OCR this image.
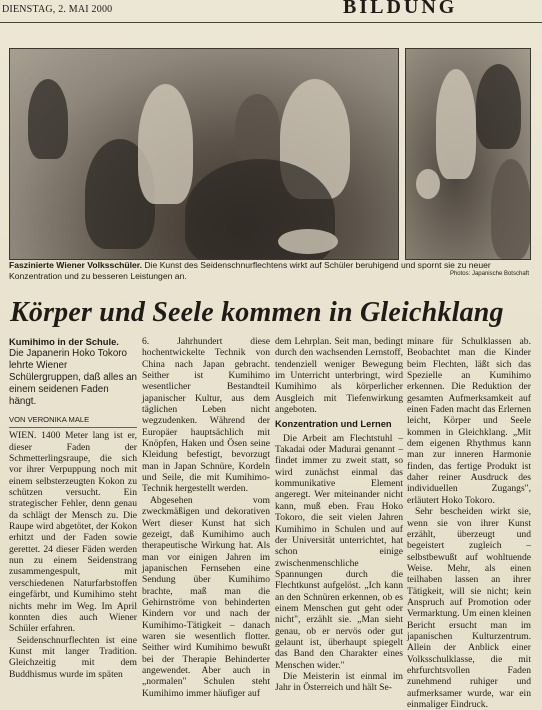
DIENSTAG, 2. MAI 2000	BILDUNG
Faszinierte Wiener Volksschüler. Die Kunst des Seidenschnurflechtens wirkt auf Schüler beruhigend und spornt sie zu neuer Konzentration und zu besseren Leistungen an.	Photos: Japanische Botschaft
Körper und Seele kommen in Gleichklang
Kumihimo in der Schule.
Die Japanerin Hoko Tokoro lehrte Wiener Schülergruppen, daß alles an einem seidenen Faden hängt.
VON VERONIKA MALE

WIEN. 1400 Meter lang ist er, dieser Faden der Schmetterlingsraupe, die sich vor ihrer Verpuppung noch mit einem selbsterzeugten Kokon zu schützen versucht. Ein strategischer Fehler, denn genau da schlägt der Mensch zu. Die Raupe wird abgetötet, der Kokon erhitzt und der Faden sowie gerettet. 24 dieser Fäden werden nun zu einem Seidenstrang zusammengespult, mit verschiedenen Naturfarbstoffen eingefärbt, und Kumihimo steht nichts mehr im Weg. Im April konnten dies auch Wiener Schüler erfahren.

Seidenschnurflechten ist eine Kunst mit langer Tradition. Gleichzeitig mit dem Buddhismus wurde im späten

6. Jahrhundert diese hochentwickelte Technik von China nach Japan gebracht. Seither ist Kumihimo wesentlicher Bestandteil japanischer Kultur, aus dem täglichen Leben nicht wegzudenken. Während der Europäer hauptsächlich mit Knöpfen, Haken und Ösen seine Kleidung befestigt, bevorzugt man in Japan Schnüre, Kordeln und Seile, die mit Kumihimo-Technik hergestellt werden.

Abgesehen vom zweckmäßigen und dekorativen Wert dieser Kunst hat sich gezeigt, daß Kumihimo auch therapeutische Wirkung hat. Als man vor einigen Jahren im japanischen Fernsehen eine Sendung über Kumihimo brachte, maß man die Gehirnströme von behinderten Kindern vor und nach der Kumihimo-Tätigkeit – danach waren sie wesentlich flotter. Seither wird Kumihimo bewußt bei der Therapie Behinderter angewendet. Aber auch in „normalen" Schulen steht Kumihimo immer häufiger auf

dem Lehrplan. Seit man, bedingt durch den wachsenden Lernstoff, tendenziell weniger Bewegung im Unterricht unterbringt, wird Kumihimo als körperlicher Ausgleich mit Tiefenwirkung angeboten.

Konzentration und Lernen

Die Arbeit am Flechtstuhl – Takadai oder Madurai genannt – findet immer zu zweit statt, so wird zunächst einmal das kommunikative Element angeregt. Wer miteinander nicht kann, muß eben. Frau Hoko Tokoro, die seit vielen Jahren Kumihimo in Schulen und auf der Universität unterrichtet, hat schon einige zwischenmenschliche Spannungen durch die Flechtkunst aufgelöst. „Ich kann an den Schnüren erkennen, ob es einem Menschen gut geht oder nicht", erzählt sie. „Man sieht genau, ob er nervös oder gut gelaunt ist, überhaupt spiegelt das Band den Charakter eines Menschen wider."

Die Meisterin ist einmal im Jahr in Österreich und hält Se-

minare für Schulklassen ab. Beobachtet man die Kinder beim Flechten, läßt sich das Spezielle an Kumihimo erkennen. Die Reduktion der gesamten Aufmerksamkeit auf einen Faden macht das Erlernen leicht, Körper und Seele kommen in Gleichklang. „Mit dem eigenen Rhythmus kann man zur inneren Harmonie finden, das fertige Produkt ist daher reiner Ausdruck des individuellen Zugangs", erläutert Hoko Tokoro.

Sehr bescheiden wirkt sie, wenn sie von ihrer Kunst erzählt, überzeugt und begeistert zugleich – selbstbewußt auf wohltuende Weise. Mehr, als einen teilhaben lassen an ihrer Tätigkeit, will sie nicht; kein Anspruch auf Promotion oder Vermarktung. Um einen kleinen Bericht ersucht man im japanischen Kulturzentrum. Allein der Anblick einer Volksschulklasse, die mit ehrfurchtsvollen Faden zunehmend ruhiger und aufmerksamer wurde, war ein einmaliger Eindruck.
